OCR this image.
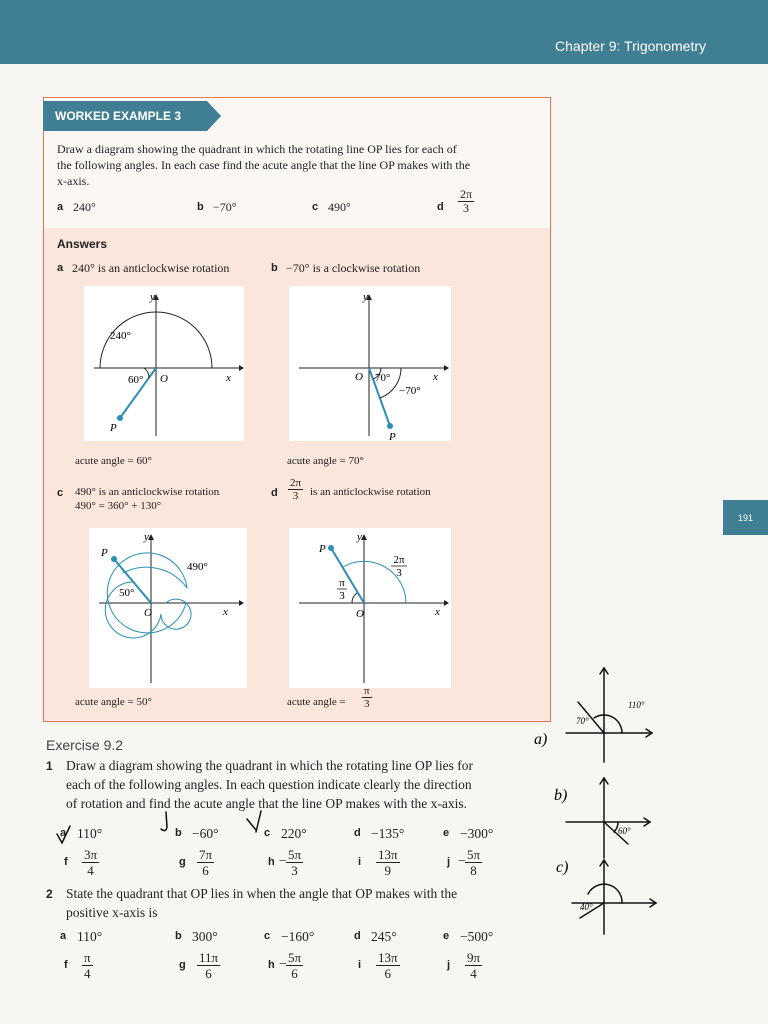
Chapter 9: Trigonometry
191
WORKED EXAMPLE 3
Draw a diagram showing the quadrant in which the rotating line OP lies for each of
the following angles. In each case find the acute angle that the line OP makes with the
x-axis.
a 240°	b −70°	c 490°	d $\frac{2\pi}{3}$
Answers
a 240° is an anticlockwise rotation	b −70° is a clockwise rotation
y
x
O
P
240°
60°
y
x
O
P
70°
−70°
acute angle = 60°	acute angle = 70°
c 490° is an anticlockwise rotation
490° = 360° + 130°
d $\frac{2\pi}{3}$ is an anticlockwise rotation
y
x
O
P
490°
50°
y
x
O
P
2π
3
π
3
acute angle = 50°	acute angle = $\frac{\pi}{3}$
Exercise 9.2
1 Draw a diagram showing the quadrant in which the rotating line OP lies for
each of the following angles. In each question indicate clearly the direction
of rotation and find the acute angle that the line OP makes with the x-axis.
a 110°	b −60°	c 220°	d −135°	e −300°
f $\frac{3\pi}{4}$	g $\frac{7\pi}{6}$	$h - \frac{5\pi}{3}$	i $\frac{13\pi}{9}$	$j - \frac{5\pi}{8}$
2 State the quadrant that OP lies in when the angle that OP makes with the
positive x-axis is
a 110°	b 300°	c −160°	d 245°	e −500°
f $\frac{\pi}{4}$	g $\frac{11\pi}{6}$	$h - \frac{5\pi}{6}$	i $\frac{13\pi}{6}$	j $\frac{9\pi}{4}$
a)
b)
c)
110°
70°
60°
40°
